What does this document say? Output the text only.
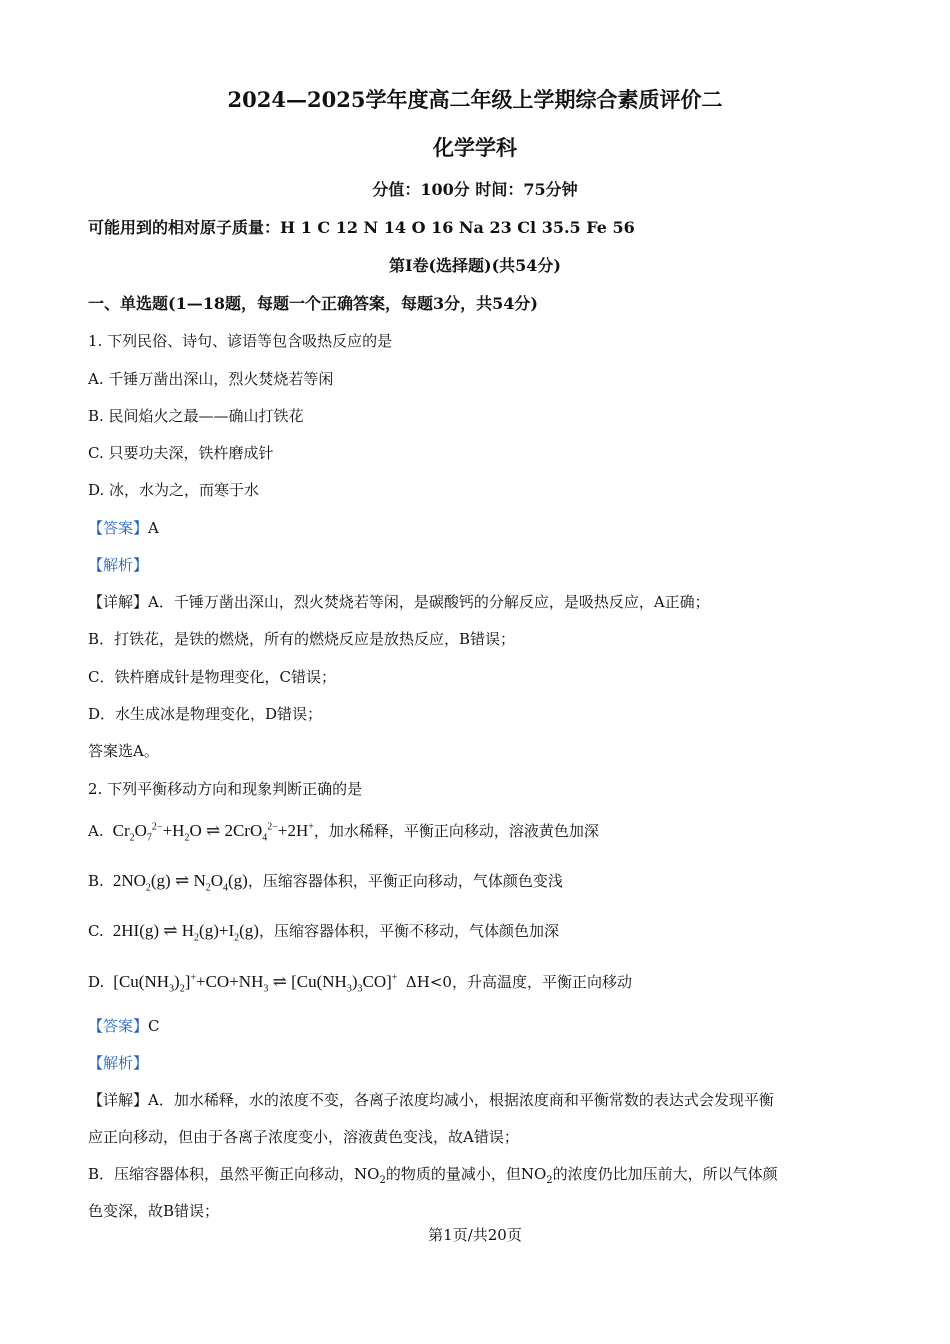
2024—2025学年度高二年级上学期综合素质评价二
化学学科
分值：100分 时间：75分钟
可能用到的相对原子质量：H 1 C 12 N 14 O 16 Na 23 Cl 35.5 Fe 56
第I卷(选择题)(共54分)
一、单选题(1—18题，每题一个正确答案，每题3分，共54分)
1. 下列民俗、诗句、谚语等包含吸热反应的是
A. 千锤万凿出深山，烈火焚烧若等闲
B. 民间焰火之最——确山打铁花
C. 只要功夫深，铁杵磨成针
D. 冰，水为之，而寒于水
【答案】A
【解析】
【详解】A．千锤万凿出深山，烈火焚烧若等闲，是碳酸钙的分解反应，是吸热反应，A正确；
B．打铁花，是铁的燃烧，所有的燃烧反应是放热反应，B错误；
C．铁杵磨成针是物理变化，C错误；
D．水生成冰是物理变化，D错误；
答案选A。
2. 下列平衡移动方向和现象判断正确的是
A.  $Cr_2O_7^{2-}+H_2O$ ⇌ 2CrO$_4^{2-}$+2H+，加水稀释，平衡正向移动，溶液黄色加深
B.  $2NO_2(g)$ ⇌ $N_2O_4(g)$，压缩容器体积，平衡正向移动，气体颜色变浅
C.  2HI(g) ⇌ $H_2(g)+I_2(g)$，压缩容器体积，平衡不移动，气体颜色加深
D.  $[Cu(NH_3)_2]^++CO+NH_3$ ⇌ $[Cu(NH_3)_3CO]^+$ ΔH<0，升高温度，平衡正向移动
【答案】C
【解析】
【详解】A．加水稀释，水的浓度不变，各离子浓度均减小，根据浓度商和平衡常数的表达式会发现平衡
应正向移动，但由于各离子浓度变小，溶液黄色变浅，故A错误；
B．压缩容器体积，虽然平衡正向移动，$NO_2$的物质的量减小，但$NO_2$的浓度仍比加压前大，所以气体颜
色变深，故B错误；
第1页/共20页
